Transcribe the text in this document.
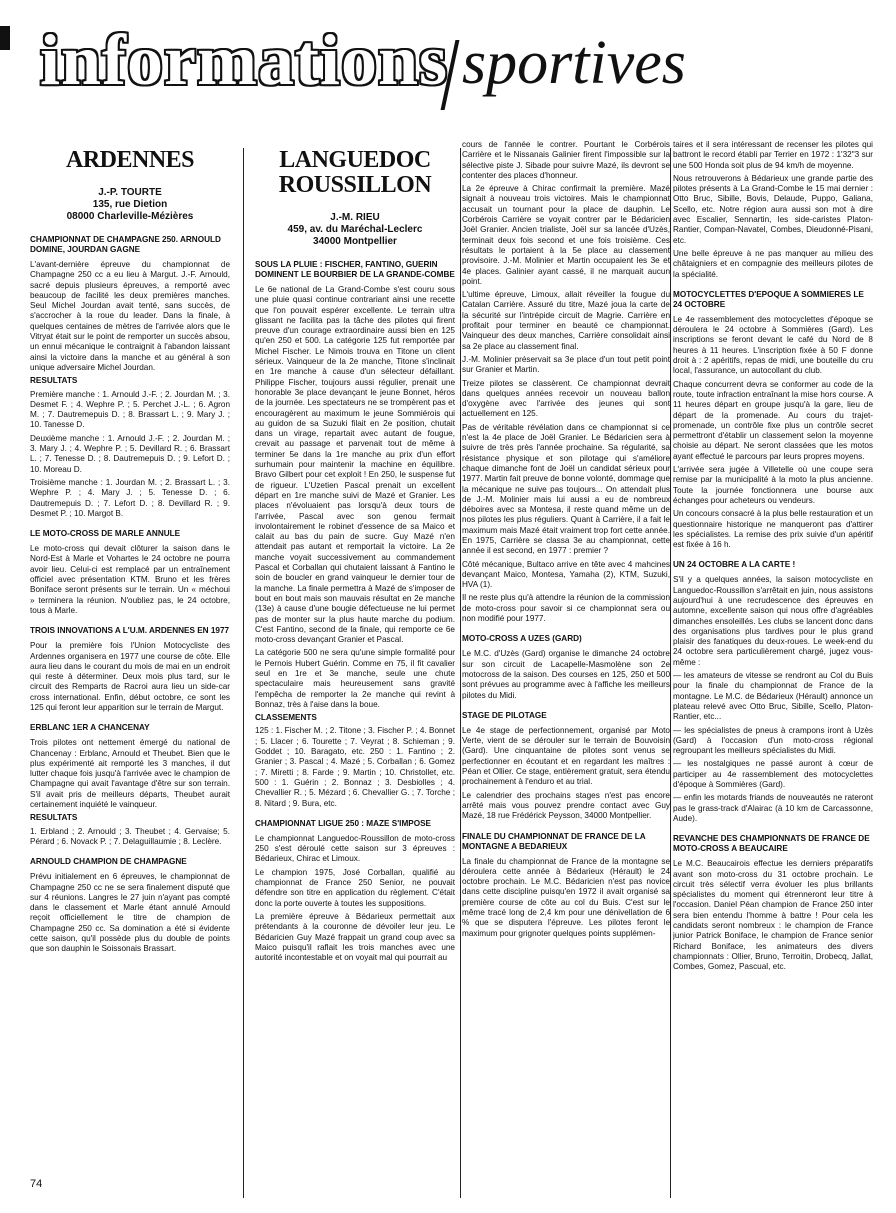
informations sportives
ARDENNES
J.-P. TOURTE
135, rue Dietion
08000 Charleville-Mézières
CHAMPIONNAT DE CHAMPAGNE 250. ARNOULD DOMINE, JOURDAN GAGNE

L'avant-dernière épreuve du championnat de Champagne 250 cc a eu lieu à Margut. J.-F. Arnould, sacré depuis plusieurs épreuves, a remporté avec beaucoup de facilité les deux premières manches. Seul Michel Jourdan avait tenté, sans succès, de s'accrocher à la roue du leader. Dans la finale, à quelques centaines de mètres de l'arrivée alors que le Vitryat était sur le point de remporter un succès absou, un ennui mécanique le contraignit à l'abandon laissant ainsi la victoire dans la manche et au général à son unique adversaire Michel Jourdan.

RESULTATS

Première manche : 1. Arnould J.-F. ; 2. Jourdan M. ; 3. Desmet F. ; 4. Wephre P. ; 5. Perchet J.-L. ; 6. Agron M. ; 7. Dautremepuis D. ; 8. Brassart L. ; 9. Mary J. ; 10. Tanesse D.

Deuxième manche : 1. Arnould J.-F. ; 2. Jourdan M. ; 3. Mary J. ; 4. Wephre P. ; 5. Devillard R. ; 6. Brassart L. ; 7. Tenesse D. ; 8. Dautremepuis D. ; 9. Lefort D. ; 10. Moreau D.

Troisième manche : 1. Jourdan M. ; 2. Brassart L. ; 3. Wephre P. ; 4. Mary J. ; 5. Tenesse D. ; 6. Dautremepuis D. ; 7. Lefort D. ; 8. Devillard R. ; 9. Desmet P. ; 10. Margot B.

LE MOTO-CROSS DE MARLE ANNULE

Le moto-cross qui devait clôturer la saison dans le Nord-Est à Marle et Vohartes le 24 octobre ne pourra avoir lieu. Celui-ci est remplacé par un entraînement officiel avec présentation KTM. Bruno et les frères Boniface seront présents sur le terrain. Un « méchoui » terminera la réunion. N'oubliez pas, le 24 octobre, tous à Marle.

TROIS INNOVATIONS A L'U.M. ARDENNES EN 1977

Pour la première fois l'Union Motocycliste des Ardennes organisera en 1977 une course de côte. Elle aura lieu dans le courant du mois de mai en un endroit qui reste à déterminer. Deux mois plus tard, sur le circuit des Remparts de Racroi aura lieu un side-car cross international. Enfin, début octobre, ce sont les 125 qui feront leur apparition sur le terrain de Margut.

ERBLANC 1ER A CHANCENAY

Trois pilotes ont nettement émergé du national de Chancenay : Erblanc, Arnould et Theubet. Bien que le plus expérimenté ait remporté les 3 manches, il dut lutter chaque fois jusqu'à l'arrivée avec le champion de Champagne qui avait l'avantage d'être sur son terrain. S'il avait pris de meilleurs départs, Theubet aurait certainement inquiété le vainqueur.

RESULTATS

1. Erbland ; 2. Arnould ; 3. Theubet ; 4. Gervaise; 5. Pérard ; 6. Novack P. ; 7. Delaguillaumie ; 8. Leclère.

ARNOULD CHAMPION DE CHAMPAGNE

Prévu initialement en 6 épreuves, le championnat de Champagne 250 cc ne se sera finalement disputé que sur 4 réunions. Langres le 27 juin n'ayant pas compté dans le classement et Marle étant annulé Arnould reçoit officiellement le titre de champion de Champagne 250 cc. Sa domination a été si évidente cette saison, qu'il possède plus du double de points que son dauphin le Soissonais Brassart.

LANGUEDOC ROUSSILLON
J.-M. RIEU
459, av. du Maréchal-Leclerc
34000 Montpellier
SOUS LA PLUIE : FISCHER, FANTINO, GUERIN DOMINENT LE BOURBIER DE LA GRANDE-COMBE

Le 6e national de La Grand-Combe s'est couru sous une pluie quasi continue contrariant ainsi une recette que l'on pouvait espérer excellente. Le terrain ultra glissant ne facilita pas la tâche des pilotes qui firent preuve d'un courage extraordinaire aussi bien en 125 qu'en 250 et 500. La catégorie 125 fut remportée par Michel Fischer. Le Nimois trouva en Titone un client sérieux. Vainqueur de la 2e manche, Titone s'inclinait en 1re manche à cause d'un sélecteur défaillant. Philippe Fischer, toujours aussi régulier, prenait une honorable 3e place devançant le jeune Bonnet, héros de la journée. Les spectateurs ne se trompèrent pas et encouragèrent au maximum le jeune Sommiérois qui au guidon de sa Suzuki filait en 2e position, chutait dans un virage, repartait avec autant de fougue, crevait au passage et parvenait tout de même à terminer 5e dans la 1re manche au prix d'un effort surhumain pour maintenir la machine en équilibre. Bravo Gilbert pour cet exploit ! En 250, le suspense fut de rigueur. L'Uzetien Pascal prenait un excellent départ en 1re manche suivi de Mazé et Granier. Les places n'évoluaient pas lorsqu'à deux tours de l'arrivée, Pascal avec son genou fermait involontairement le robinet d'essence de sa Maico et calait au bas du pain de sucre. Guy Mazé n'en attendait pas autant et remportait la victoire. La 2e manche voyait successivement au commandement Pascal et Corballan qui chutaient laissant à Fantino le soin de boucler en grand vainqueur le dernier tour de la manche. La finale permettra à Mazé de s'imposer de bout en bout mais son mauvais résultat en 2e manche (13e) à cause d'une bougie défectueuse ne lui permet pas de monter sur la plus haute marche du podium. C'est Fantino, second de la finale, qui remporte ce 6e moto-cross devançant Granier et Pascal.

La catégorie 500 ne sera qu'une simple formalité pour le Pernois Hubert Guérin. Comme en 75, il fit cavalier seul en 1re et 3e manche, seule une chute spectaculaire mais heureusement sans gravité l'empêcha de remporter la 2e manche qui revint à Bonnaz, très à l'aise dans la boue.

CLASSEMENTS

125 : 1. Fischer M. ; 2. Titone ; 3. Fischer P. ; 4. Bonnet ; 5. Llacer ; 6. Tourette ; 7. Veyrat ; 8. Schieman ; 9. Goddet ; 10. Baragato, etc. 250 : 1. Fantino ; 2. Granier ; 3. Pascal ; 4. Mazé ; 5. Corballan ; 6. Gomez ; 7. Miretti ; 8. Farde ; 9. Martin ; 10. Christollet, etc. 500 : 1. Guérin ; 2. Bonnaz ; 3. Desbiolles ; 4. Chevallier R. ; 5. Mézard ; 6. Chevallier G. ; 7. Torche ; 8. Nitard ; 9. Bura, etc.

CHAMPIONNAT LIGUE 250 : MAZE S'IMPOSE

Le championnat Languedoc-Roussillon de moto-cross 250 s'est déroulé cette saison sur 3 épreuves : Bédarieux, Chirac et Limoux.

Le champion 1975, José Corballan, qualifié au championnat de France 250 Senior, ne pouvait défendre son titre en application du règlement. C'était donc la porte ouverte à toutes les suppositions.

La première épreuve à Bédarieux permettait aux prétendants à la couronne de dévoiler leur jeu. Le Bédaricien Guy Mazé frappait un grand coup avec sa Maico puisqu'il raflait les trois manches avec une autorité incontestable et on voyait mal qui pourrait au

cours de l'année le contrer. Pourtant le Corbérois Carrière et le Nissanais Galinier firent l'impossible sur la sélective piste J. Sibade pour suivre Mazé, ils devront se contenter des places d'honneur.

La 2e épreuve à Chirac confirmait la première. Mazé signait à nouveau trois victoires. Mais le championnat accusait un tournant pour la place de dauphin. Le Corbérois Carrière se voyait contrer par le Bédaricien Joël Granier. Ancien trialiste, Joël sur sa lancée d'Uzès, terminait deux fois second et une fois troisième. Ces résultats le portaient à la 5e place au classement provisoire. J.-M. Molinier et Martin occupaient les 3e et 4e places. Galinier ayant cassé, il ne marquait aucun point.

L'ultime épreuve, Limoux, allait réveiller la fougue du Catalan Carrière. Assuré du titre, Mazé joua la carte de la sécurité sur l'intrépide circuit de Magrie. Carrière en profitait pour terminer en beauté ce championnat. Vainqueur des deux manches, Carrière consolidait ainsi sa 2e place au classement final.

J.-M. Molinier préservait sa 3e place d'un tout petit point sur Granier et Martin.

Treize pilotes se classèrent. Ce championnat devrait dans quelques années recevoir un nouveau ballon d'oxygène avec l'arrivée des jeunes qui sont actuellement en 125.

Pas de véritable révélation dans ce championnat si ce n'est la 4e place de Joël Granier. Le Bédaricien sera à suivre de très près l'année prochaine. Sa régularité, sa résistance physique et son pilotage qui s'améliore chaque dimanche font de Joël un candidat sérieux pour 1977. Martin fait preuve de bonne volonté, dommage que la mécanique ne suive pas toujours... On attendait plus de J.-M. Molinier mais lui aussi a eu de nombreux déboires avec sa Montesa, il reste quand même un de nos pilotes les plus réguliers. Quant à Carrière, il a fait le maximum mais Mazé était vraiment trop fort cette année. En 1975, Carrière se classa 3e au championnat, cette année il est second, en 1977 : premier ?

Côté mécanique, Bultaco arrive en tête avec 4 mahcines devançant Maico, Montesa, Yamaha (2), KTM, Suzuki, HVA (1).

Il ne reste plus qu'à attendre la réunion de la commission de moto-cross pour savoir si ce championnat sera ou non modifié pour 1977.

MOTO-CROSS A UZES (GARD)

Le M.C. d'Uzès (Gard) organise le dimanche 24 octobre sur son circuit de Lacapelle-Masmolène son 2e motocross de la saison. Des courses en 125, 250 et 500 sont prévues au programme avec à l'affiche les meilleurs pilotes du Midi.

STAGE DE PILOTAGE

Le 4e stage de perfectionnement, organisé par Moto Verte, vient de se dérouler sur le terrain de Bouvoisin (Gard). Une cinquantaine de pilotes sont venus se perfectionner en écoutant et en regardant les maîtres : Péan et Ollier. Ce stage, entièrement gratuit, sera étendu prochainement à l'enduro et au trial.

Le calendrier des prochains stages n'est pas encore arrêté mais vous pouvez prendre contact avec Guy Mazé, 18 rue Frédérick Peysson, 34000 Montpellier.

FINALE DU CHAMPIONNAT DE FRANCE DE LA MONTAGNE A BEDARIEUX

La finale du championnat de France de la montagne se déroulera cette année à Bédarieux (Hérault) le 24 octobre prochain. Le M.C. Bédaricien n'est pas novice dans cette discipline puisqu'en 1972 il avait organisé sa première course de côte au col du Buis. C'est sur le même tracé long de 2,4 km pour une dénivellation de 6 % que se disputera l'épreuve. Les pilotes feront le maximum pour grignoter quelques points supplémen-

taires et il sera intéressant de recenser les pilotes qui battront le record établi par Terrier en 1972 : 1'32"3 sur une 500 Honda soit plus de 94 km/h de moyenne.

Nous retrouverons à Bédarieux une grande partie des pilotes présents à La Grand-Combe le 15 mai dernier : Otto Bruc, Sibille, Bovis, Delaude, Puppo, Galiana, Scello, etc. Notre région aura aussi son mot à dire avec Escalier, Sennartin, les side-caristes Platon-Rantier, Compan-Navatel, Combes, Dieudonné-Pisani, etc.

Une belle épreuve à ne pas manquer au milieu des châtaigniers et en compagnie des meilleurs pilotes de la spécialité.

MOTOCYCLETTES D'EPOQUE A SOMMIERES LE 24 OCTOBRE

Le 4e rassemblement des motocyclettes d'époque se déroulera le 24 octobre à Sommières (Gard). Les inscriptions se feront devant le café du Nord de 8 heures à 11 heures. L'inscription fixée à 50 F donne droit à : 2 apéritifs, repas de midi, une bouteille du cru local, l'assurance, un autocollant du club.

Chaque concurrent devra se conformer au code de la route, toute infraction entraînant la mise hors course. A 11 heures départ en groupe jusqu'à la gare, lieu de départ de la promenade. Au cours du trajet-promenade, un contrôle fixe plus un contrôle secret permettront d'établir un classement selon la moyenne choisie au départ. Ne seront classées que les motos ayant effectué le parcours par leurs propres moyens.

L'arrivée sera jugée à Villetelle où une coupe sera remise par la municipalité à la moto la plus ancienne. Toute la journée fonctionnera une bourse aux échanges pour acheteurs ou vendeurs.

Un concours consacré à la plus belle restauration et un questionnaire historique ne manqueront pas d'attirer les spécialistes. La remise des prix suivie d'un apéritif est fixée à 16 h.

UN 24 OCTOBRE A LA CARTE !

S'il y a quelques années, la saison motocycliste en Languedoc-Roussillon s'arrêtait en juin, nous assistons aujourd'hui à une recrudescence des épreuves en automne, excellente saison qui nous offre d'agréables dimanches ensoleillés. Les clubs se lancent donc dans des organisations plus tardives pour le plus grand plaisir des fanatiques du deux-roues. Le week-end du 24 octobre sera particulièrement chargé, jugez vous-même :

— les amateurs de vitesse se rendront au Col du Buis pour la finale du championnat de France de la montagne. Le M.C. de Bédarieux (Hérault) annonce un plateau relevé avec Otto Bruc, Sibille, Scello, Platon-Rantier, etc...

— les spécialistes de pneus à crampons iront à Uzès (Gard) à l'occasion d'un moto-cross régional regroupant les meilleurs spécialistes du Midi.

— les nostalgiques ne passé auront à cœur de participer au 4e rassemblement des motocyclettes d'époque à Sommières (Gard).

— enfin les motards friands de nouveautés ne rateront pas le grass-track d'Alairac (à 10 km de Carcassonne, Aude).

REVANCHE DES CHAMPIONNATS DE FRANCE DE MOTO-CROSS A BEAUCAIRE

Le M.C. Beaucairois effectue les derniers préparatifs avant son moto-cross du 31 octobre prochain. Le circuit très sélectif verra évoluer les plus brillants spécialistes du moment qui étrenneront leur titre à l'occasion. Daniel Péan champion de France 250 inter sera bien entendu l'homme à battre ! Pour cela les candidats seront nombreux : le champion de France junior Patrick Boniface, le champion de France senior Richard Boniface, les animateurs des divers championnats : Ollier, Bruno, Terroitin, Drobecq, Jallat, Combes, Gomez, Pascual, etc.

74
